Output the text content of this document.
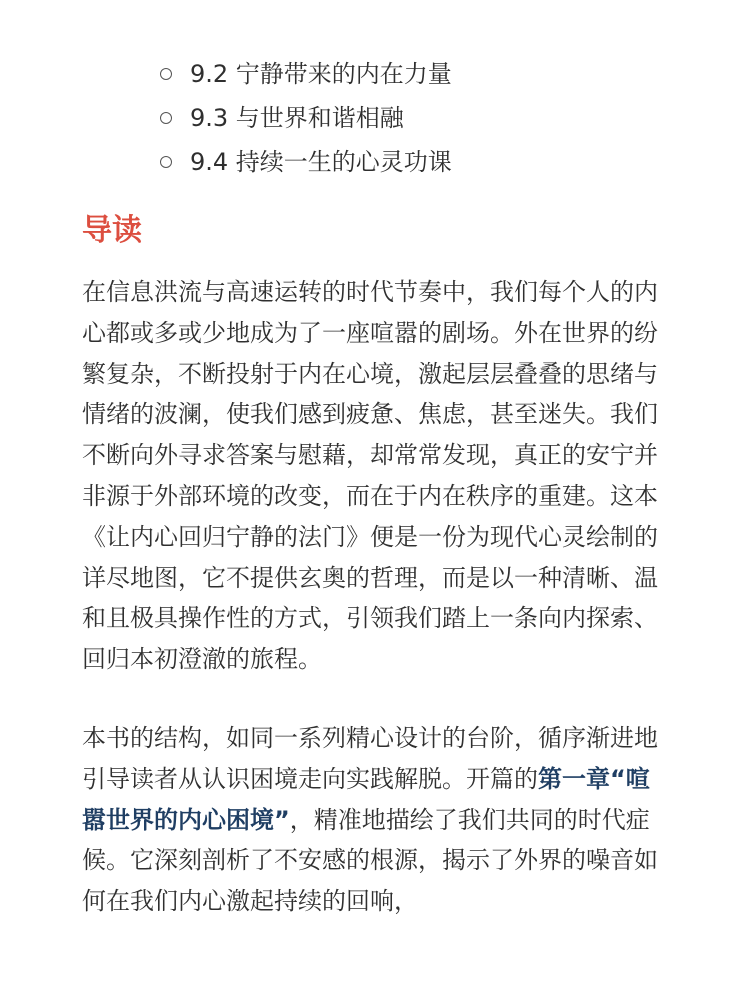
9.2 宁静带来的内在力量
9.3 与世界和谐相融
9.4 持续一生的心灵功课
导读

在信息洪流与高速运转的时代节奏中，我们每个人的内心都或多或少地成为了一座喧嚣的剧场。外在世界的纷繁复杂，不断投射于内在心境，激起层层叠叠的思绪与情绪的波澜，使我们感到疲惫、焦虑，甚至迷失。我们不断向外寻求答案与慰藉，却常常发现，真正的安宁并非源于外部环境的改变，而在于内在秩序的重建。这本《让内心回归宁静的法门》便是一份为现代心灵绘制的详尽地图，它不提供玄奥的哲理，而是以一种清晰、温和且极具操作性的方式，引领我们踏上一条向内探索、回归本初澄澈的旅程。

本书的结构，如同一系列精心设计的台阶，循序渐进地引导读者从认识困境走向实践解脱。开篇的第一章“喧嚣世界的内心困境”，精准地描绘了我们共同的时代症候。它深刻剖析了不安感的根源，揭示了外界的噪音如何在我们内心激起持续的回响，
